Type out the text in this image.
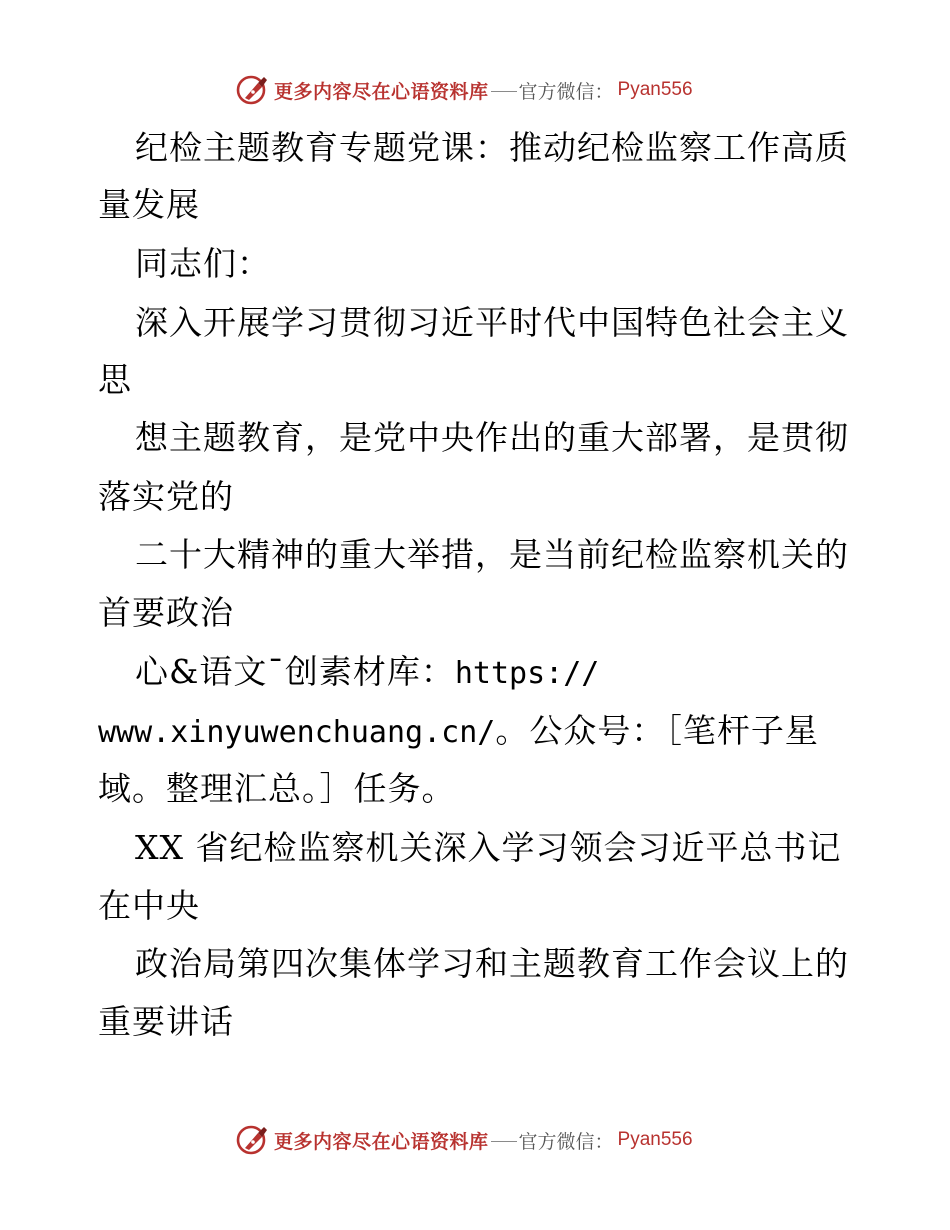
更多内容尽在心语资料库 官方微信 ： Pyan556
纪检主题教育专题党课：推动纪检监察工作高质
量发展
同志们：
深入开展学习贯彻习近平时代中国特色社会主义
思
想主题教育，是党中央作出的重大部署，是贯彻
落实党的
二十大精神的重大举措，是当前纪检监察机关的
首要政治
心&语文¯创素材库：https://
www.xinyuwenchuang.cn/。公众号：［笔杆子星
域。整理汇总。］任务。
XX 省纪检监察机关深入学习领会习近平总书记
在中央
政治局第四次集体学习和主题教育工作会议上的
重要讲话
更多内容尽在心语资料库 官方微信 ： Pyan556
